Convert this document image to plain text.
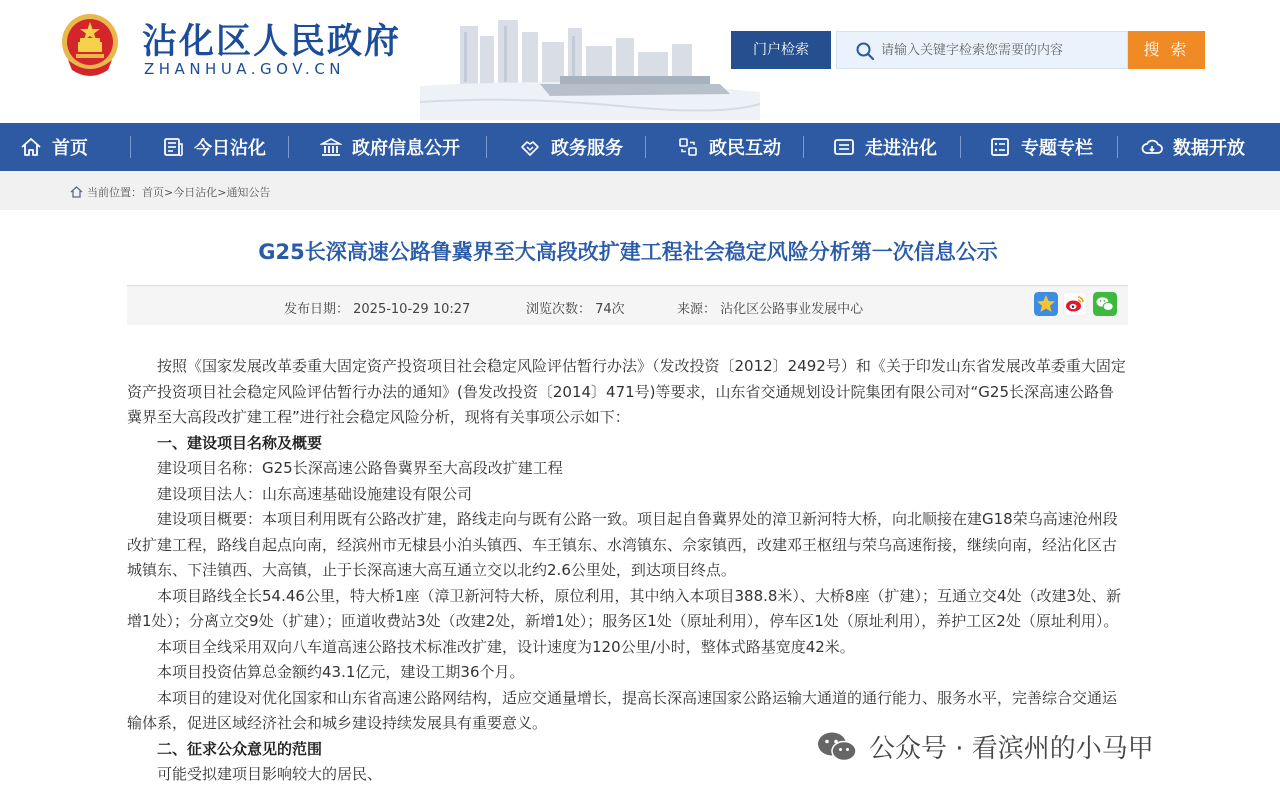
沾化区人民政府
ZHANHUA.GOV.CN
门户检索
请输入关键字检索您需要的内容	搜 索
首页	今日沾化	政府信息公开	政务服务	政民互动	走进沾化	专题专栏	数据开放
当前位置： 首页 > 今日沾化 > 通知公告
G25长深高速公路鲁冀界至大高段改扩建工程社会稳定风险分析第一次信息公示
发布日期： 2025-10-29 10:27	浏览次数： 74次	来源： 沾化区公路事业发展中心

按照《国家发展改革委重大固定资产投资项目社会稳定风险评估暂行办法》（发改投资〔2012〕2492号）和《关于印发山东省发展改革委重大固定资产投资项目社会稳定风险评估暂行办法的通知》(鲁发改投资〔2014〕471号)等要求，山东省交通规划设计院集团有限公司对“G25长深高速公路鲁冀界至大高段改扩建工程”进行社会稳定风险分析，现将有关事项公示如下：

一、建设项目名称及概要

建设项目名称：G25长深高速公路鲁冀界至大高段改扩建工程

建设项目法人：山东高速基础设施建设有限公司

建设项目概要：本项目利用既有公路改扩建，路线走向与既有公路一致。项目起自鲁冀界处的漳卫新河特大桥，向北顺接在建G18荣乌高速沧州段改扩建工程，路线自起点向南，经滨州市无棣县小泊头镇西、车王镇东、水湾镇东、佘家镇西，改建邓王枢纽与荣乌高速衔接，继续向南，经沾化区古城镇东、下洼镇西、大高镇，止于长深高速大高互通立交以北约2.6公里处，到达项目终点。

本项目路线全长54.46公里，特大桥1座（漳卫新河特大桥，原位利用，其中纳入本项目388.8米）、大桥8座（扩建）；互通立交4处（改建3处、新增1处）；分离立交9处（扩建）；匝道收费站3处（改建2处，新增1处）；服务区1处（原址利用），停车区1处（原址利用），养护工区2处（原址利用）。

本项目全线采用双向八车道高速公路技术标准改扩建，设计速度为120公里/小时，整体式路基宽度42米。

本项目投资估算总金额约43.1亿元，建设工期36个月。

本项目的建设对优化国家和山东省高速公路网结构，适应交通量增长，提高长深高速国家公路运输大通道的通行能力、服务水平，完善综合交通运输体系，促进区域经济社会和城乡建设持续发展具有重要意义。

二、征求公众意见的范围

可能受拟建项目影响较大的居民、

公众号 · 看滨州的小马甲
